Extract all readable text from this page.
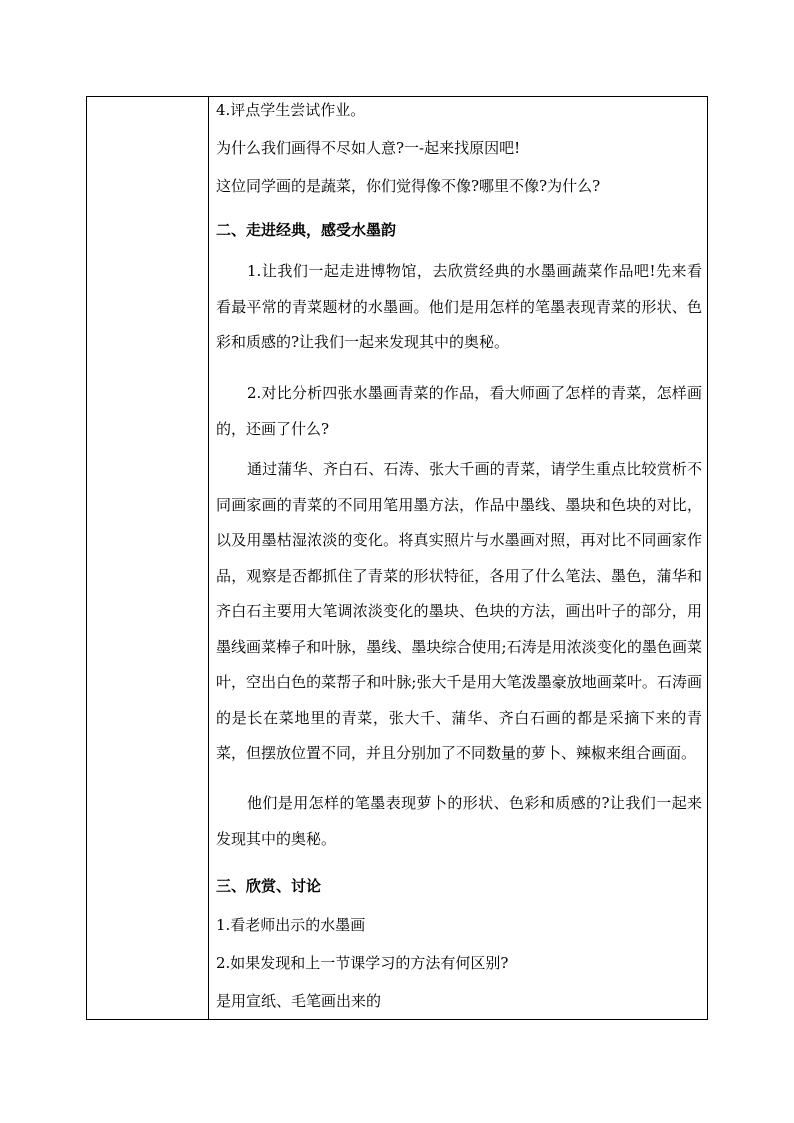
4.评点学生尝试作业。
为什么我们画得不尽如人意?一-起来找原因吧!
这位同学画的是蔬菜，你们觉得像不像?哪里不像?为什么?
二、走进经典，感受水墨韵
1.让我们一起走进博物馆，去欣赏经典的水墨画蔬菜作品吧!先来看看最平常的青菜题材的水墨画。他们是用怎样的笔墨表现青菜的形状、色彩和质感的?让我们一起来发现其中的奥秘。
2.对比分析四张水墨画青菜的作品，看大师画了怎样的青菜，怎样画的，还画了什么?
通过蒲华、齐白石、石涛、张大千画的青菜，请学生重点比较赏析不同画家画的青菜的不同用笔用墨方法，作品中墨线、墨块和色块的对比，以及用墨枯湿浓淡的变化。将真实照片与水墨画对照，再对比不同画家作品，观察是否都抓住了青菜的形状特征，各用了什么笔法、墨色，蒲华和齐白石主要用大笔调浓淡变化的墨块、色块的方法，画出叶子的部分，用墨线画菜棒子和叶脉，墨线、墨块综合使用;石涛是用浓淡变化的墨色画菜叶，空出白色的菜帮子和叶脉;张大千是用大笔泼墨豪放地画菜叶。石涛画的是长在菜地里的青菜，张大千、蒲华、齐白石画的都是采摘下来的青菜，但摆放位置不同，并且分别加了不同数量的萝卜、辣椒来组合画面。
他们是用怎样的笔墨表现萝卜的形状、色彩和质感的?让我们一起来发现其中的奥秘。
三、欣赏、讨论
1.看老师出示的水墨画
2.如果发现和上一节课学习的方法有何区别?
是用宣纸、毛笔画出来的
